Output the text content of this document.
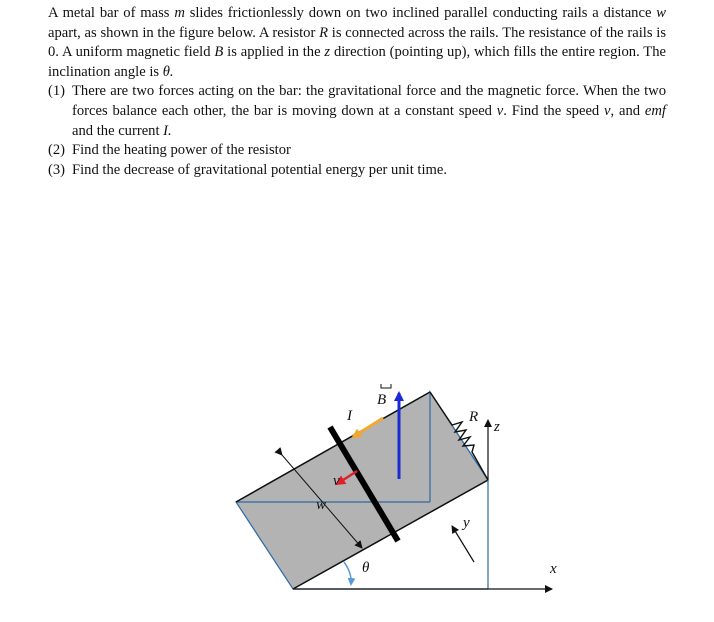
A metal bar of mass m slides frictionlessly down on two inclined parallel conducting rails a distance w apart, as shown in the figure below. A resistor R is connected across the rails. The resistance of the rails is 0. A uniform magnetic field B is applied in the z direction (pointing up), which fills the entire region. The inclination angle is θ.

(1) There are two forces acting on the bar: the gravitational force and the magnetic force. When the two forces balance each other, the bar is moving down at a constant speed v. Find the speed v, and emf and the current I.

(2) Find the heating power of the resistor

(3) Find the decrease of gravitational potential energy per unit time.

B
I	R
z
v
w
y
θ	x
